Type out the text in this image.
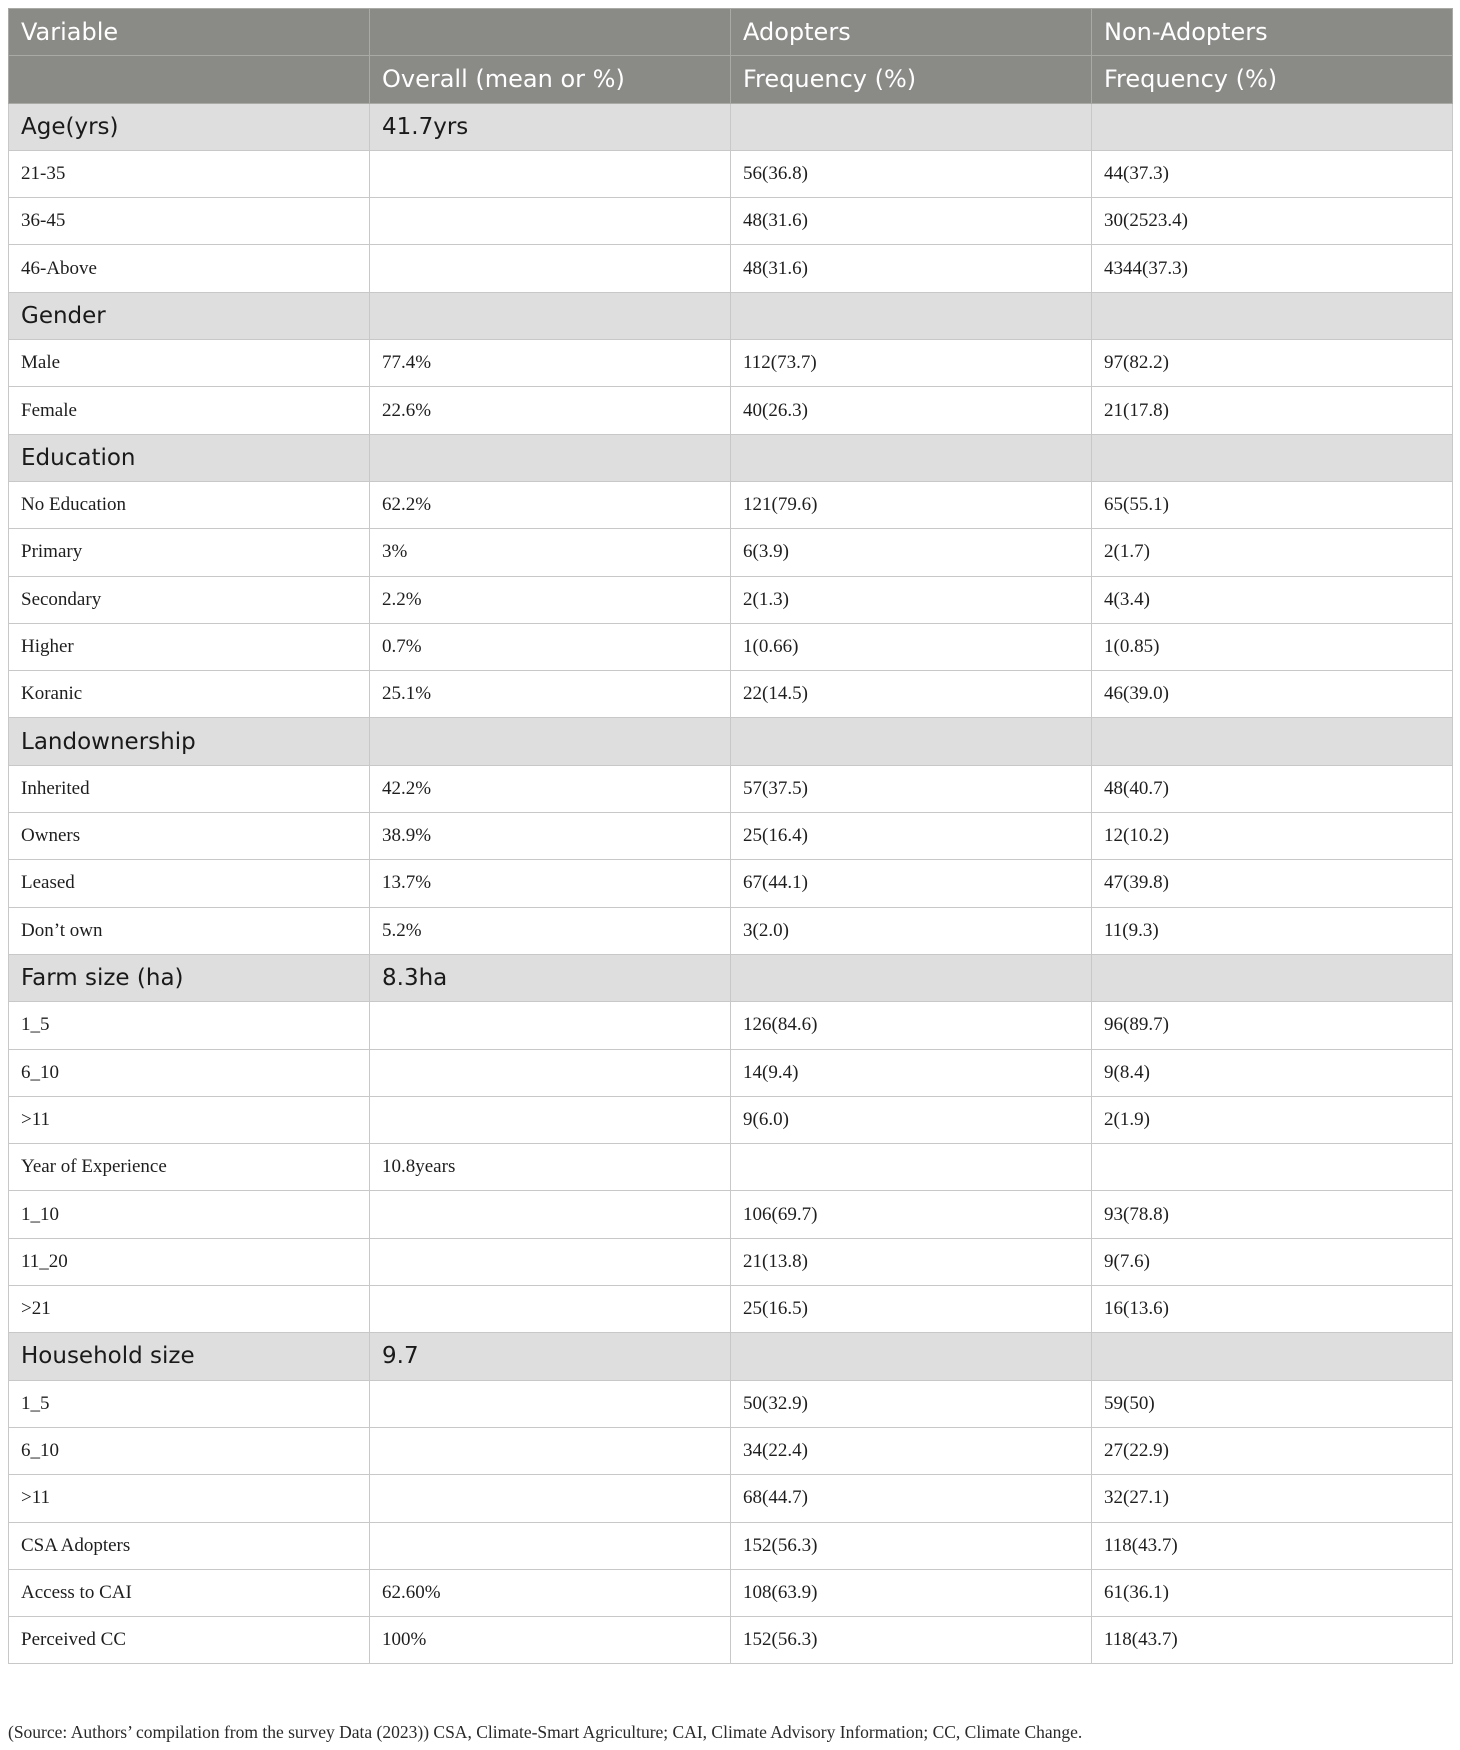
Variable		Adopters	Non-Adopters
	Overall (mean or %)	Frequency (%)	Frequency (%)
Age(yrs)	41.7yrs		
21-35		56(36.8)	44(37.3)
36-45		48(31.6)	30(2523.4)
46-Above		48(31.6)	4344(37.3)
Gender			
Male	77.4%	112(73.7)	97(82.2)
Female	22.6%	40(26.3)	21(17.8)
Education			
No Education	62.2%	121(79.6)	65(55.1)
Primary	3%	6(3.9)	2(1.7)
Secondary	2.2%	2(1.3)	4(3.4)
Higher	0.7%	1(0.66)	1(0.85)
Koranic	25.1%	22(14.5)	46(39.0)
Landownership			
Inherited	42.2%	57(37.5)	48(40.7)
Owners	38.9%	25(16.4)	12(10.2)
Leased	13.7%	67(44.1)	47(39.8)
Don’t own	5.2%	3(2.0)	11(9.3)
Farm size (ha)	8.3ha		
1_5		126(84.6)	96(89.7)
6_10		14(9.4)	9(8.4)
>11		9(6.0)	2(1.9)
Year of Experience	10.8years		
1_10		106(69.7)	93(78.8)
11_20		21(13.8)	9(7.6)
>21		25(16.5)	16(13.6)
Household size	9.7		
1_5		50(32.9)	59(50)
6_10		34(22.4)	27(22.9)
>11		68(44.7)	32(27.1)
CSA Adopters		152(56.3)	118(43.7)
Access to CAI	62.60%	108(63.9)	61(36.1)
Perceived CC	100%	152(56.3)	118(43.7)
(Source: Authors’ compilation from the survey Data (2023)) CSA, Climate-Smart Agriculture; CAI, Climate Advisory Information; CC, Climate Change.
